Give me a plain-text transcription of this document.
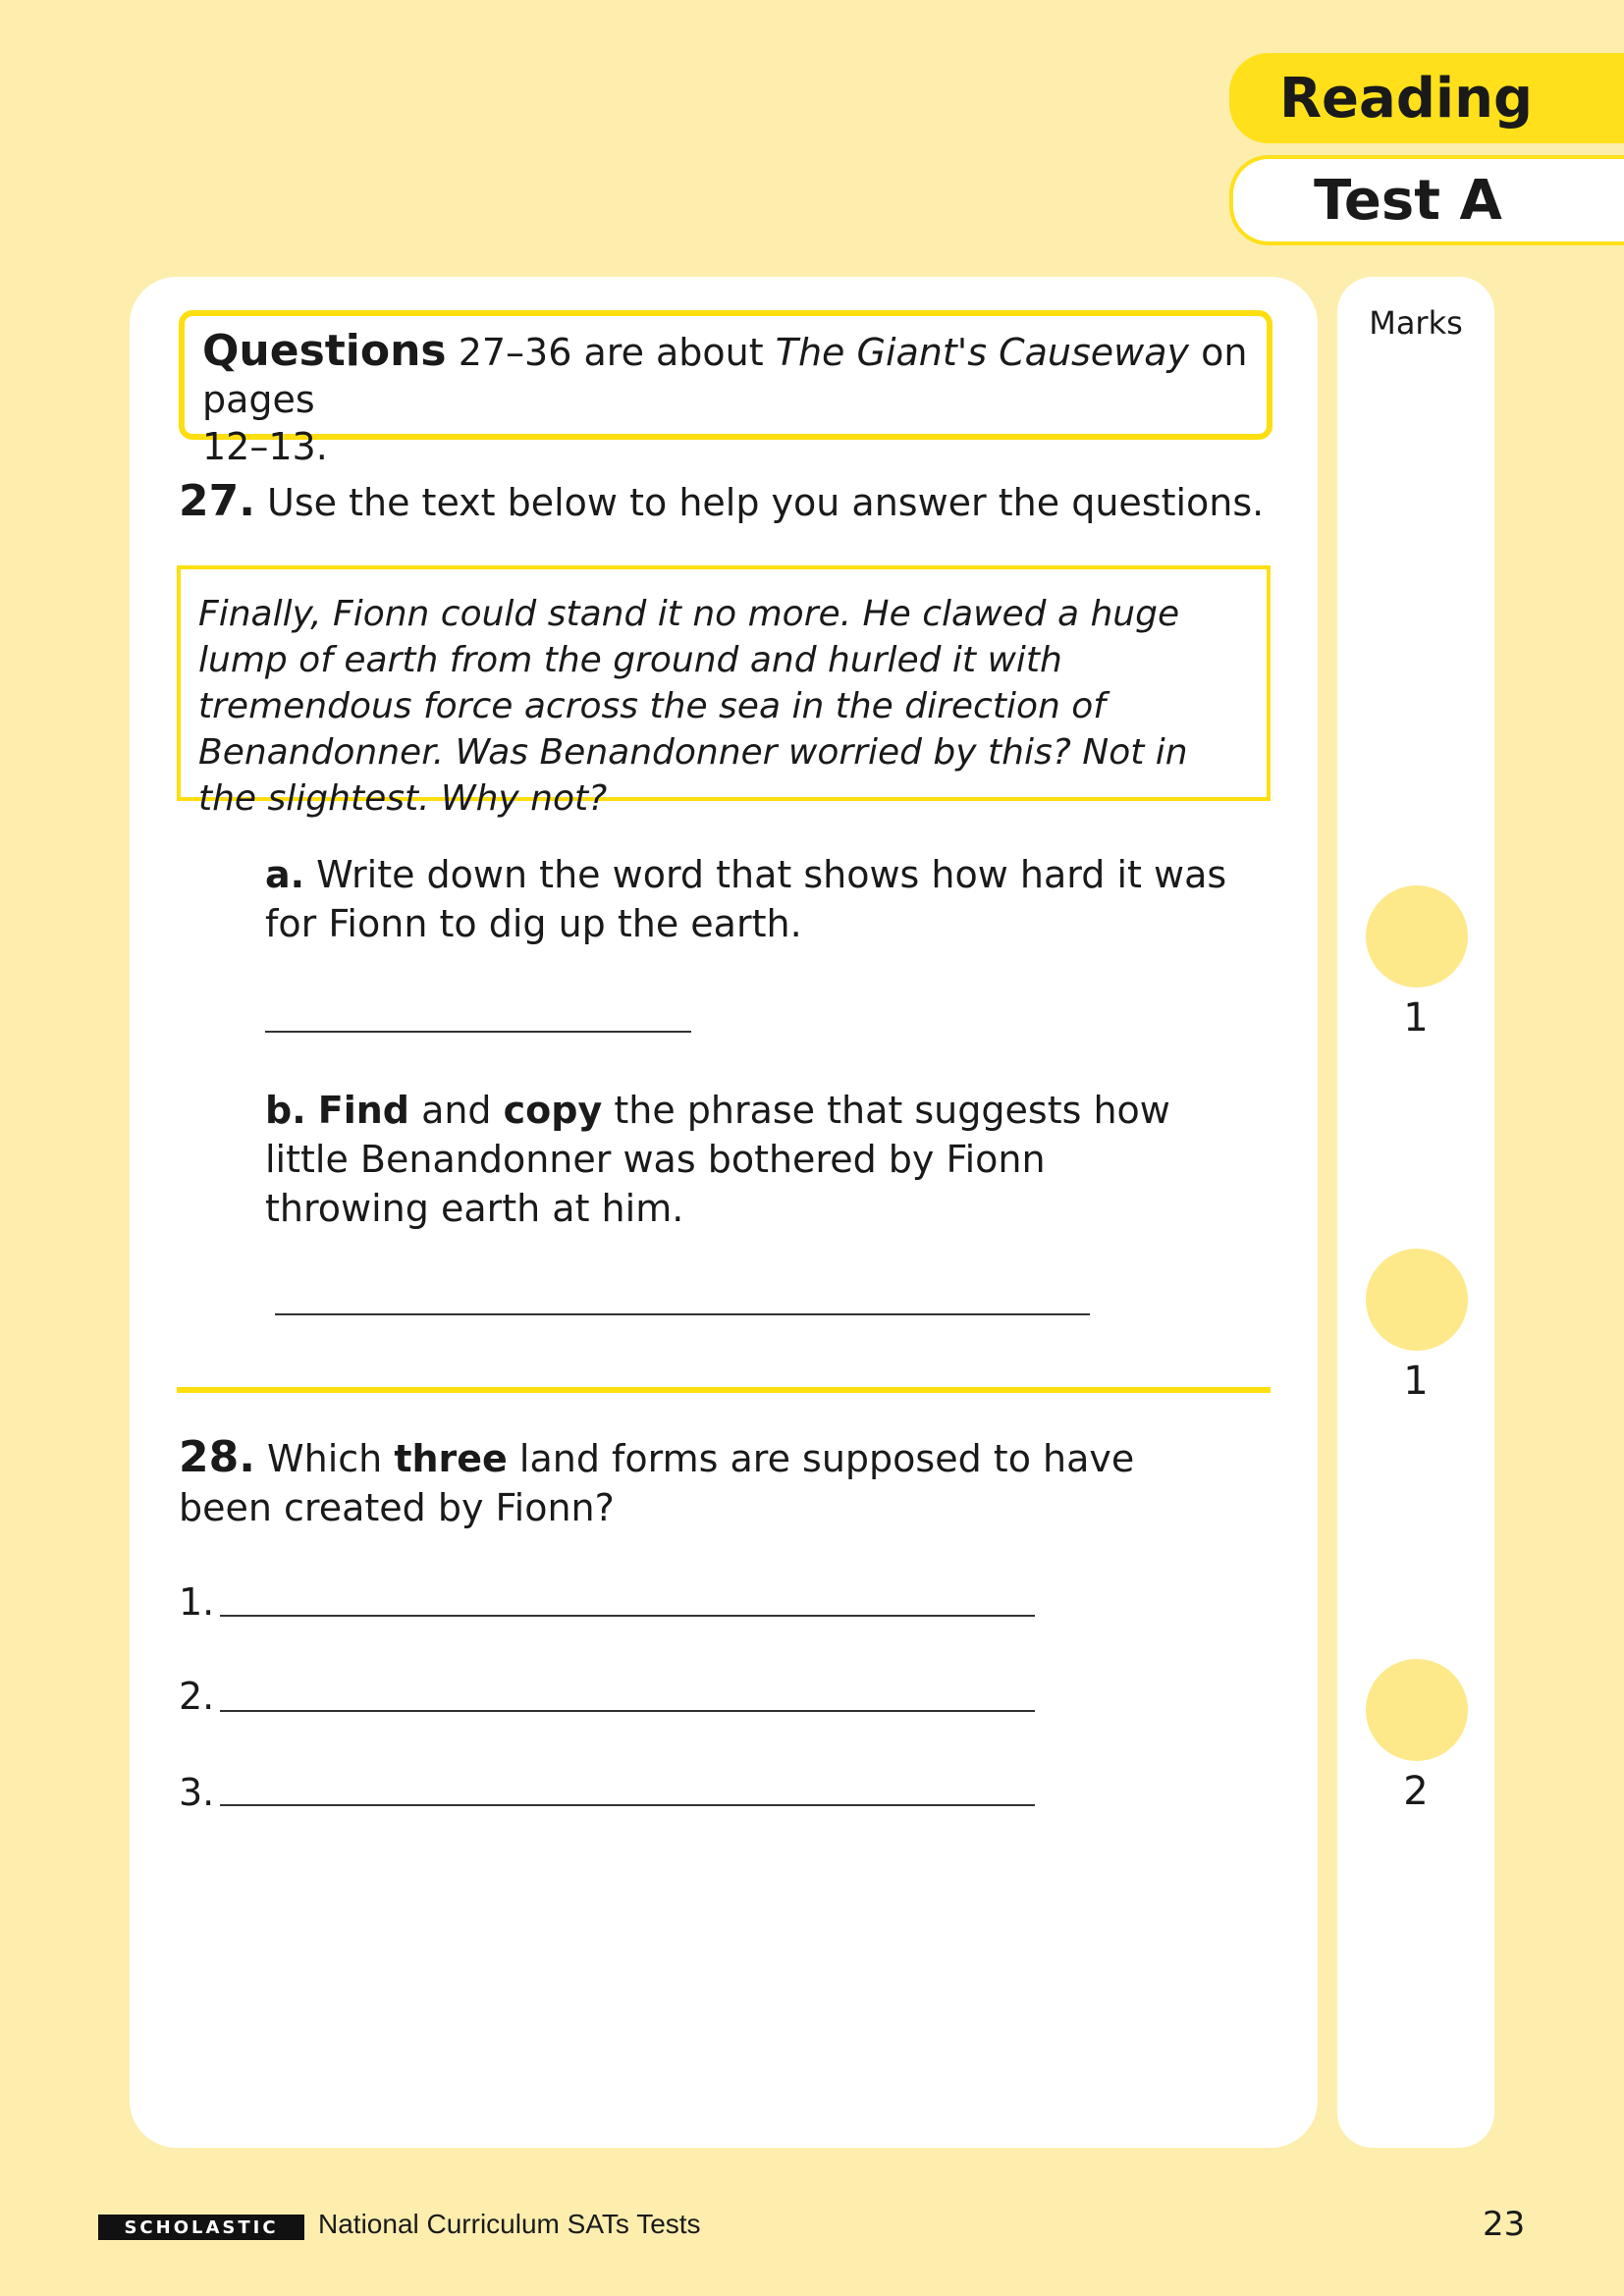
Reading
Test A
Marks
1
1
2
Questions 27–36 are about The Giant's Causeway on pages
12–13.
27. Use the text below to help you answer the questions.
Finally, Fionn could stand it no more. He clawed a huge lump of earth from the ground and hurled it with tremendous force across the sea in the direction of Benandonner. Was Benandonner worried by this? Not in the slightest. Why not?
a. Write down the word that shows how hard it was for Fionn to dig up the earth.
b. Find and copy the phrase that suggests how little Benandonner was bothered by Fionn throwing earth at him.
28. Which three land forms are supposed to have been created by Fionn?
1.
2.
3.
SCHOLASTIC	National Curriculum SATs Tests	23
